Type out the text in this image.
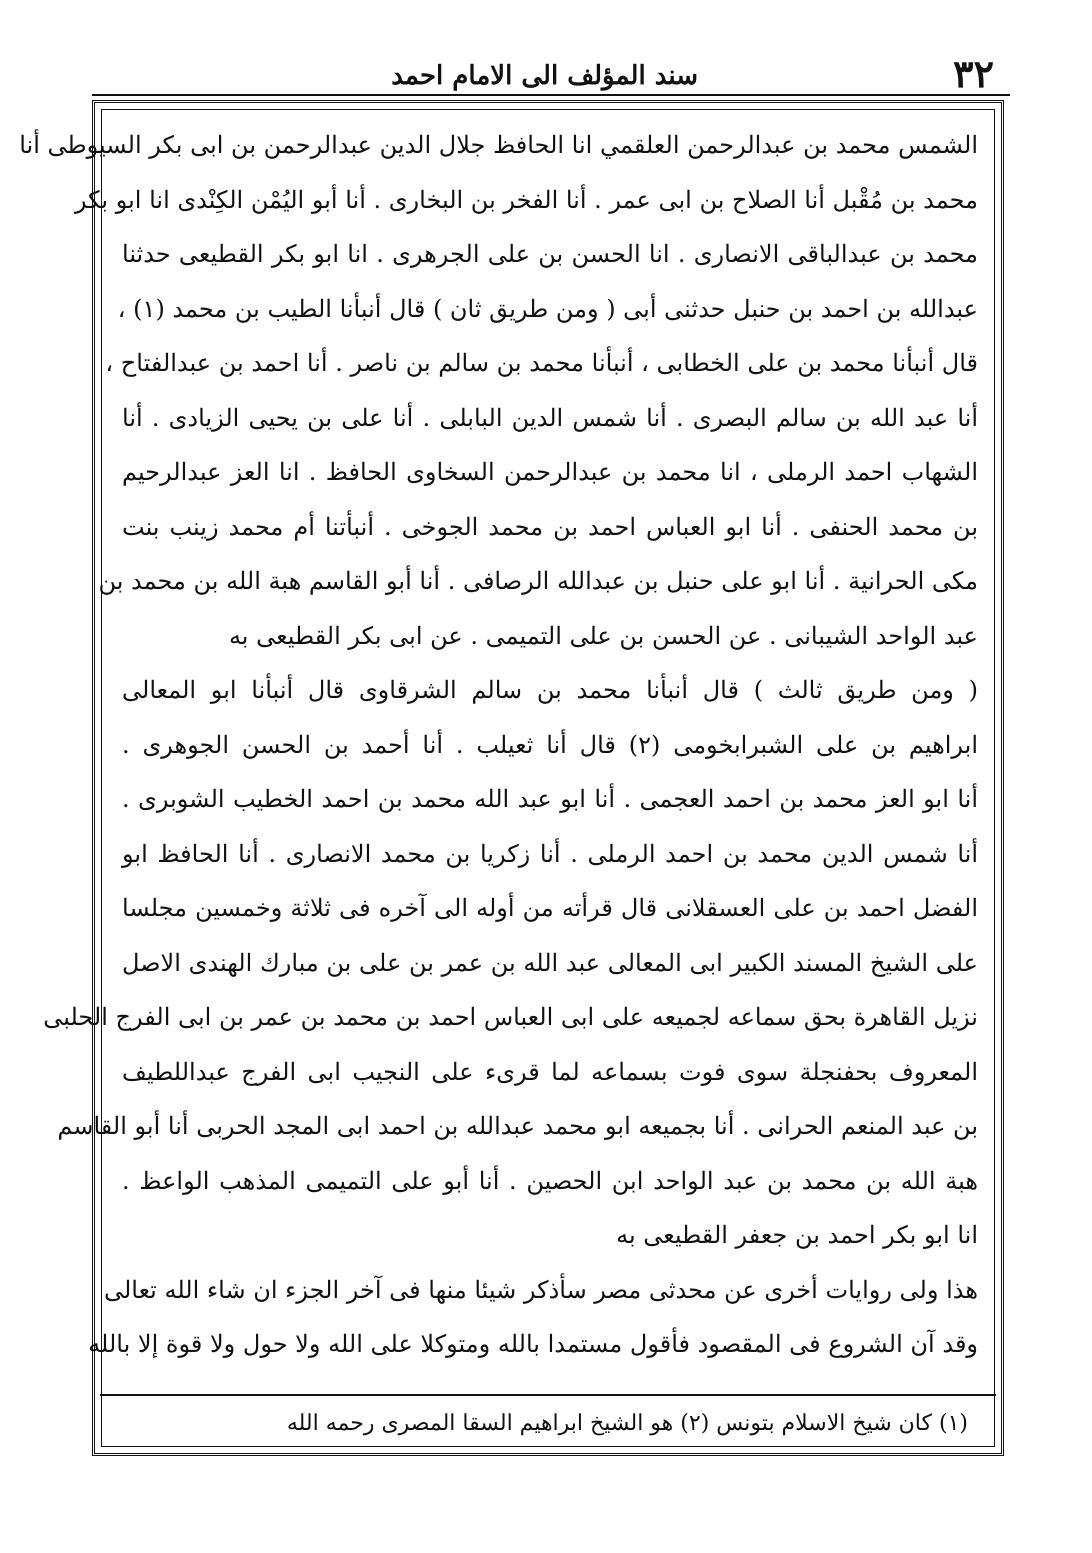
٣٢
سند المؤلف الى الامام احمد
الشمس محمد بن عبدالرحمن العلقمي انا الحافظ جلال الدين عبدالرحمن بن ابى بكر السيوطى أنا
محمد بن مُقْبل أنا الصلاح بن ابى عمر . أنا الفخر بن البخارى . أنا أبو اليُمْن الكِنْدى انا ابو بكر
محمد بن عبدالباقى الانصارى . انا الحسن بن على الجرهرى . انا ابو بكر القطيعى حدثنا
عبدالله بن احمد بن حنبل حدثنى أبى ( ومن طريق ثان ) قال أنبأنا الطيب بن محمد (١) ،
قال أنبأنا محمد بن على الخطابى ، أنبأنا محمد بن سالم بن ناصر . أنا احمد بن عبدالفتاح ،
أنا عبد الله بن سالم البصرى . أنا شمس الدين البابلى . أنا على بن يحيى الزيادى . أنا
الشهاب احمد الرملى ، انا محمد بن عبدالرحمن السخاوى الحافظ . انا العز عبدالرحيم
بن محمد الحنفى . أنا ابو العباس احمد بن محمد الجوخى . أنبأتنا أم محمد زينب بنت
مكى الحرانية . أنا ابو على حنبل بن عبدالله الرصافى . أنا أبو القاسم هبة الله بن محمد بن
عبد الواحد الشيبانى . عن الحسن بن على التميمى . عن ابى بكر القطيعى به
( ومن طريق ثالث ) قال أنبأنا محمد بن سالم الشرقاوى قال أنبأنا ابو المعالى
ابراهيم بن على الشبرابخومى (٢) قال أنا ثعيلب . أنا أحمد بن الحسن الجوهرى .
أنا ابو العز محمد بن احمد العجمى . أنا ابو عبد الله محمد بن احمد الخطيب الشوبرى .
أنا شمس الدين محمد بن احمد الرملى . أنا زكريا بن محمد الانصارى . أنا الحافظ ابو
الفضل احمد بن على العسقلانى قال قرأته من أوله الى آخره فى ثلاثة وخمسين مجلسا
على الشيخ المسند الكبير ابى المعالى عبد الله بن عمر بن على بن مبارك الهندى الاصل
نزيل القاهرة بحق سماعه لجميعه على ابى العباس احمد بن محمد بن عمر بن ابى الفرج الحلبى
المعروف بحفنجلة سوى فوت بسماعه لما قرىء على النجيب ابى الفرج عبداللطيف
بن عبد المنعم الحرانى . أنا بجميعه ابو محمد عبدالله بن احمد ابى المجد الحربى أنا أبو القاسم
هبة الله بن محمد بن عبد الواحد ابن الحصين . أنا أبو على التميمى المذهب الواعظ .
انا ابو بكر احمد بن جعفر القطيعى به
هذا ولى روايات أخرى عن محدثى مصر سأذكر شيئا منها فى آخر الجزء ان شاء الله تعالى
وقد آن الشروع فى المقصود فأقول مستمدا بالله ومتوكلا على الله ولا حول ولا قوة إلا بالله
(١) كان شيخ الاسلام بتونس (٢) هو الشيخ ابراهيم السقا المصرى رحمه الله
